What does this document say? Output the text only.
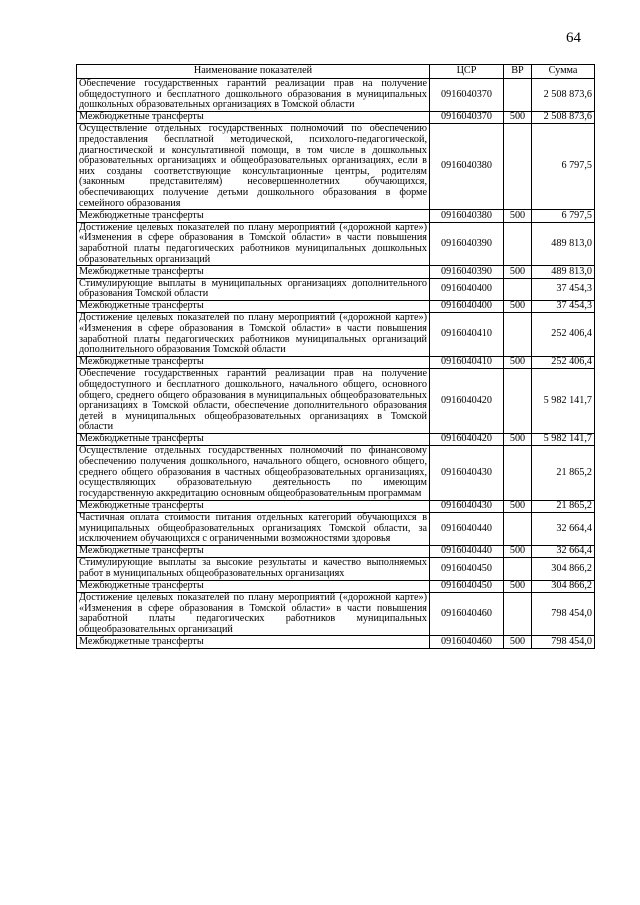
64
Наименование показателей	ЦСР	ВР	Сумма
Обеспечение государственных гарантий реализации прав на получение общедоступного и бесплатного дошкольного образования в муниципальных дошкольных образовательных организациях в Томской области	0916040370		2 508 873,6
Межбюджетные трансферты	0916040370	500	2 508 873,6
Осуществление отдельных государственных полномочий по обеспечению предоставления бесплатной методической, психолого-педагогической, диагностической и консультативной помощи, в том числе в дошкольных образовательных организациях и общеобразовательных организациях, если в них созданы соответствующие консультационные центры, родителям (законным представителям) несовершеннолетних обучающихся, обеспечивающих получение детьми дошкольного образования в форме семейного образования	0916040380		6 797,5
Межбюджетные трансферты	0916040380	500	6 797,5
Достижение целевых показателей по плану мероприятий («дорожной карте») «Изменения в сфере образования в Томской области» в части повышения заработной платы педагогических работников муниципальных дошкольных образовательных организаций	0916040390		489 813,0
Межбюджетные трансферты	0916040390	500	489 813,0
Стимулирующие выплаты в муниципальных организациях дополнительного образования Томской области	0916040400		37 454,3
Межбюджетные трансферты	0916040400	500	37 454,3
Достижение целевых показателей по плану мероприятий («дорожной карте») «Изменения в сфере образования в Томской области» в части повышения заработной платы педагогических работников муниципальных организаций дополнительного образования Томской области	0916040410		252 406,4
Межбюджетные трансферты	0916040410	500	252 406,4
Обеспечение государственных гарантий реализации прав на получение общедоступного и бесплатного дошкольного, начального общего, основного общего, среднего общего образования в муниципальных общеобразовательных организациях в Томской области, обеспечение дополнительного образования детей в муниципальных общеобразовательных организациях в Томской области	0916040420		5 982 141,7
Межбюджетные трансферты	0916040420	500	5 982 141,7
Осуществление отдельных государственных полномочий по финансовому обеспечению получения дошкольного, начального общего, основного общего, среднего общего образования в частных общеобразовательных организациях, осуществляющих образовательную деятельность по имеющим государственную аккредитацию основным общеобразовательным программам	0916040430		21 865,2
Межбюджетные трансферты	0916040430	500	21 865,2
Частичная оплата стоимости питания отдельных категорий обучающихся в муниципальных общеобразовательных организациях Томской области, за исключением обучающихся с ограниченными возможностями здоровья	0916040440		32 664,4
Межбюджетные трансферты	0916040440	500	32 664,4
Стимулирующие выплаты за высокие результаты и качество выполняемых работ в муниципальных общеобразовательных организациях	0916040450		304 866,2
Межбюджетные трансферты	0916040450	500	304 866,2
Достижение целевых показателей по плану мероприятий («дорожной карте») «Изменения в сфере образования в Томской области» в части повышения заработной платы педагогических работников муниципальных общеобразовательных организаций	0916040460		798 454,0
Межбюджетные трансферты	0916040460	500	798 454,0
